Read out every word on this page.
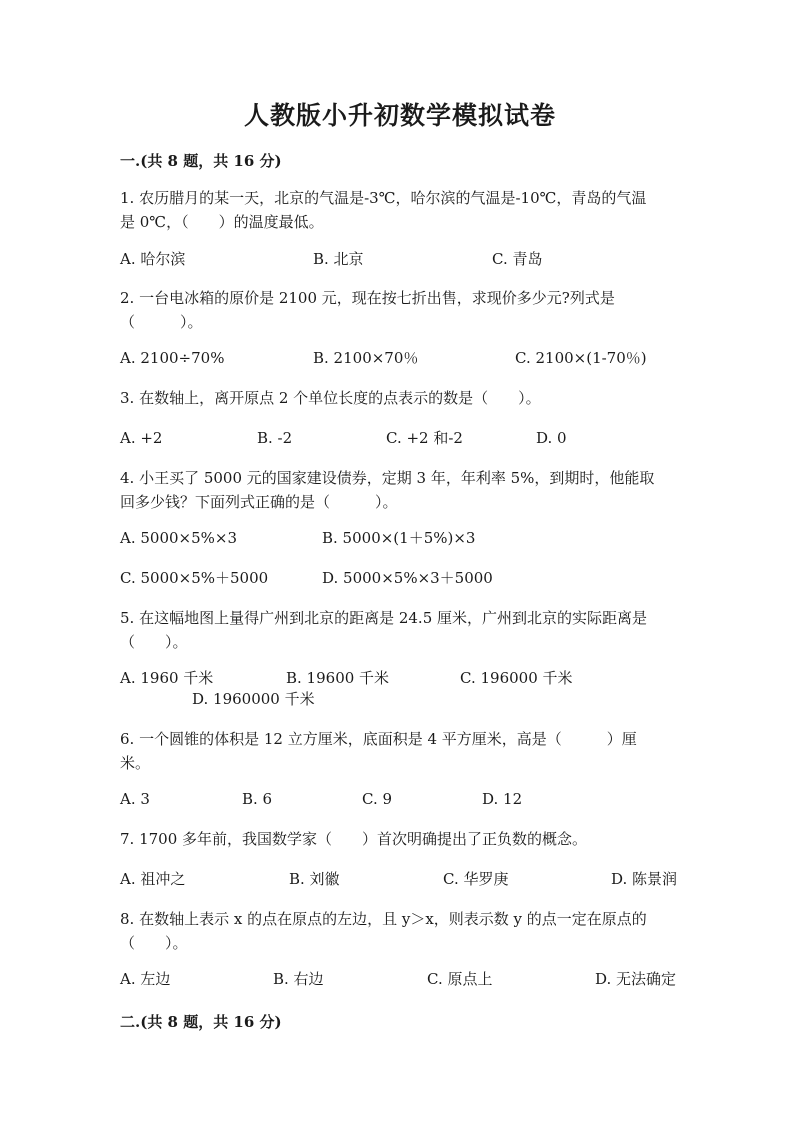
人教版小升初数学模拟试卷
一.(共 8 题，共 16 分)
1. 农历腊月的某一天，北京的气温是-3℃，哈尔滨的气温是-10℃，青岛的气温
是 0℃，（　　）的温度最低。
A. 哈尔滨	B. 北京	C. 青岛
2. 一台电冰箱的原价是 2100 元，现在按七折出售，求现价多少元?列式是
（　　　）。
A. 2100÷70%	B. 2100×70％	C. 2100×(1-70％)
3. 在数轴上，离开原点 2 个单位长度的点表示的数是（　　）。
A. +2	B. -2	C. +2 和-2	D. 0
4. 小王买了 5000 元的国家建设债券，定期 3 年，年利率 5%，到期时，他能取
回多少钱？下面列式正确的是（　　　）。
A. 5000×5%×3	B. 5000×(1＋5%)×3
C. 5000×5%＋5000	D. 5000×5%×3＋5000
5. 在这幅地图上量得广州到北京的距离是 24.5 厘米，广州到北京的实际距离是
（　　）。
A. 1960 千米	B. 19600 千米	C. 196000 千米
D. 1960000 千米
6. 一个圆锥的体积是 12 立方厘米，底面积是 4 平方厘米，高是（　　　）厘
米。
A. 3	B. 6	C. 9	D. 12
7. 1700 多年前，我国数学家（　　）首次明确提出了正负数的概念。
A. 祖冲之	B. 刘徽	C. 华罗庚	D. 陈景润
8. 在数轴上表示 x 的点在原点的左边，且 y＞x，则表示数 y 的点一定在原点的
（　　）。
A. 左边	B. 右边	C. 原点上	D. 无法确定
二.(共 8 题，共 16 分)
